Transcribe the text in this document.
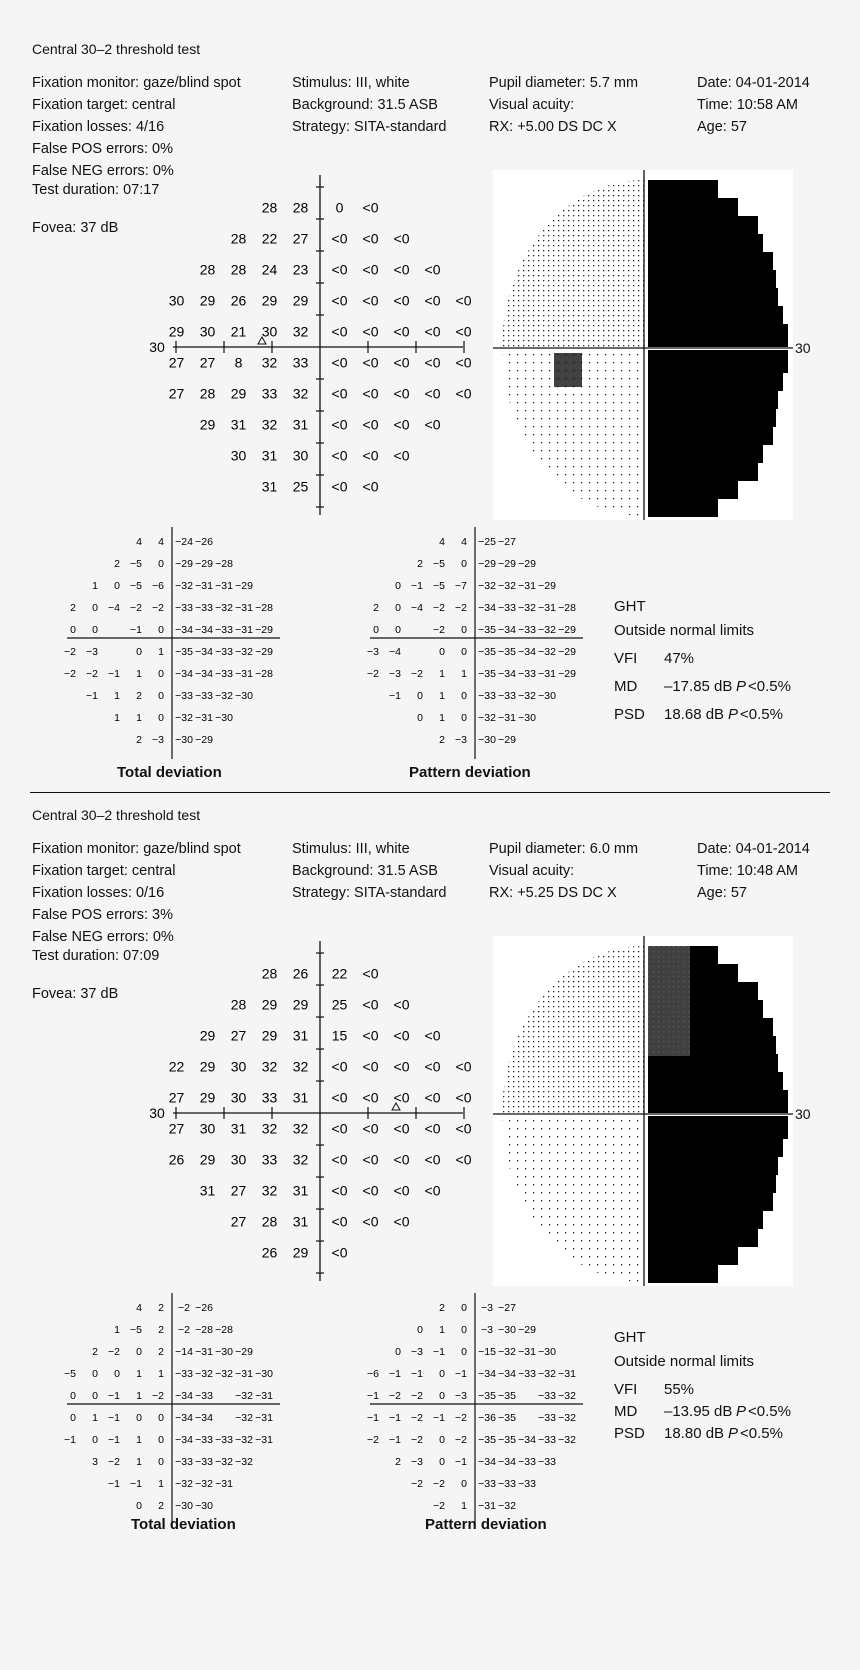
Central 30–2 threshold test
Fixation monitor: gaze/blind spot
Fixation target: central
Fixation losses: 4/16
False POS errors: 0%
False NEG errors: 0%
Test duration: 07:17
Stimulus: III, white
Background: 31.5 ASB
Strategy: SITA-standard
Pupil diameter: 5.7 mm
Visual acuity:
RX: +5.00 DS DC X
Date: 04-01-2014
Time: 10:58 AM
Age: 57
Fovea: 37 dB
30
28 28 0 <0
28 22 27 <0 <0 <0
28 28 24 23 <0 <0 <0 <0
30 29 26 29 29 <0 <0 <0 <0 <0
29 30 21 30 32 <0 <0 <0 <0 <0
27 27 8 32 33 <0 <0 <0 <0 <0
27 28 29 33 32 <0 <0 <0 <0 <0
29 31 32 31 <0 <0 <0 <0
30 31 30 <0 <0 <0
31 25 <0 <0
30
4 4 −24 −26
2 −5 0 −29 −29 −28
1 0 −5 −6 −32 −31 −31 −29
2 0 −4 −2 −2 −33 −33 −32 −31 −28
0 0	−1 0 −34 −34 −33 −31 −29
−2 −3	0 1 −35 −34 −33 −32 −29
−2 −2 −1 1 0 −34 −34 −33 −31 −28
−1 1 2 0 −33 −33 −32 −30
1 1 0 −32 −31 −30
2 −3 −30 −29
4 4 −25 −27
2 −5 0 −29 −29 −29
0 −1 −5 −7 −32 −32 −31 −29
2 0 −4 −2 −2 −34 −33 −32 −31 −28
0 0	−2 0 −35 −34 −33 −32 −29
−3 −4	0 0 −35 −35 −34 −32 −29
−2 −3 −2 1 1 −35 −34 −33 −31 −29
−1 0 1 0 −33 −33 −32 −30
0 1 0 −32 −31 −30
2 −3 −30 −29
Total deviation	Pattern deviation
GHT
Outside normal limits
VFI 47%
MD –17.85 dB P <0.5%
PSD 18.68 dB P <0.5%
Central 30–2 threshold test
Fixation monitor: gaze/blind spot
Fixation target: central
Fixation losses: 0/16
False POS errors: 3%
False NEG errors: 0%
Test duration: 07:09
Stimulus: III, white
Background: 31.5 ASB
Strategy: SITA-standard
Pupil diameter: 6.0 mm
Visual acuity:
RX: +5.25 DS DC X
Date: 04-01-2014
Time: 10:48 AM
Age: 57
Fovea: 37 dB
30
28 26 22 <0
28 29 29 25 <0 <0
29 27 29 31 15 <0 <0 <0
22 29 30 32 32 <0 <0 <0 <0 <0
27 29 30 33 31 <0 <0 <0 <0 <0
27 30 31 32 32 <0 <0 <0 <0 <0
26 29 30 33 32 <0 <0 <0 <0 <0
31 27 32 31 <0 <0 <0 <0
27 28 31 <0 <0 <0
26 29 <0
30
4 2 −2 −26
1 −5 2 −2 −28 −28
2 −2 0 2 −14 −31 −30 −29
−5 0 0 1 1 −33 −32 −32 −31 −30
0 0 −1 1 −2 −34 −33 −32 −31
0 1 −1 0 0 −34 −34 −32 −31
−1 0 −1 1 0 −34 −33 −33 −32 −31
3 −2 1 0 −33 −33 −32 −32
−1 −1 1 −32 −32 −31
0 2 −30 −30
2 0 −3 −27
0 1 0 −3 −30 −29
0 −3 −1 0 −15 −32 −31 −30
−6 −1 −1 0 −1 −34 −34 −33 −32 −31
−1 −2 −2 0 −3 −35 −35 −33 −32
−1 −1 −2 −1 −2 −36 −35 −33 −32
−2 −1 −2 0 −2 −35 −35 −34 −33 −32
2 −3 0 −1 −34 −34 −33 −33
−2 −2 0 −33 −33 −33
−2 1 −31 −32
Total deviation	Pattern deviation
GHT
Outside normal limits
VFI 55%
MD –13.95 dB P <0.5%
PSD 18.80 dB P <0.5%
